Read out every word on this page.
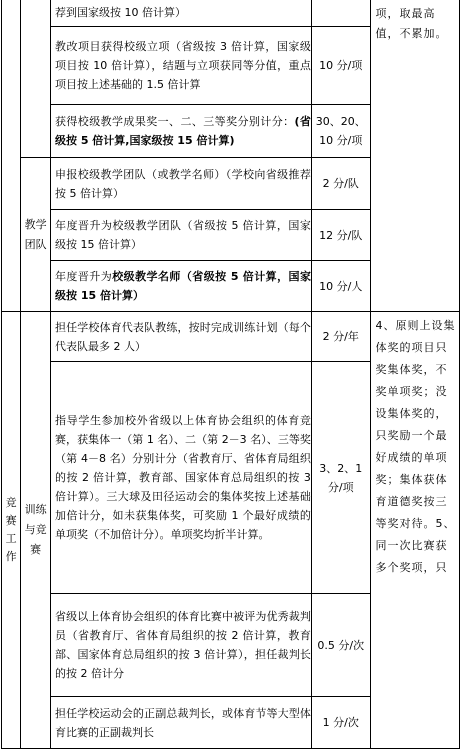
		荐到国家级按 10 倍计算）		项，取最高值，不累加。

		教改项目获得校级立项（省级按 3 倍计算，国家级项目按 10 倍计算），结题与立项获同等分值，重点项目按上述基础的 1.5 倍计算	10 分/项	
		获得校级教学成果奖一、二、三等奖分别计分：(省级按 5 倍计算,国家级按 15 倍计算)	30、20、10 分/项	

	教学团队	申报校级教学团队（或教学名师）（学校向省级推荐按 5 倍计算）	2 分/队	
		年度晋升为校级教学团队（省级按 5 倍计算，国家级按 15 倍计算）	12 分/队	
		年度晋升为校级教学名师（省级按 5 倍计算，国家级按 15 倍计算）	10 分/人	

竞赛工作	训练与竞赛	担任学校体育代表队教练，按时完成训练计划（每个代表队最多 2 人）	2 分/年	4、原则上设集体奖的项目只奖集体奖，不奖单项奖；没设集体奖的，只奖励一个最好成绩的单项奖；集体获体育道德奖按三等奖对待。5、同一次比赛获多个奖项，只

		指导学生参加校外省级以上体育协会组织的体育竞赛，获集体一（第 1 名）、二（第 2－3 名）、三等奖（第 4－8 名）分别计分（省教育厅、省体育局组织的按 2 倍计算，教育部、国家体育总局组织的按 3 倍计算）。三大球及田径运动会的集体奖按上述基础加倍计分，如未获集体奖，可奖励 1 个最好成绩的单项奖（不加倍计分）。单项奖均折半计算。	3、2、1 分/项	
		省级以上体育协会组织的体育比赛中被评为优秀裁判员（省教育厅、省体育局组织的按 2 倍计算，教育部、国家体育总局组织的按 3 倍计算），担任裁判长的按 2 倍计分	0.5 分/次	
		担任学校运动会的正副总裁判长，或体育节等大型体育比赛的正副裁判长	1 分/次	
